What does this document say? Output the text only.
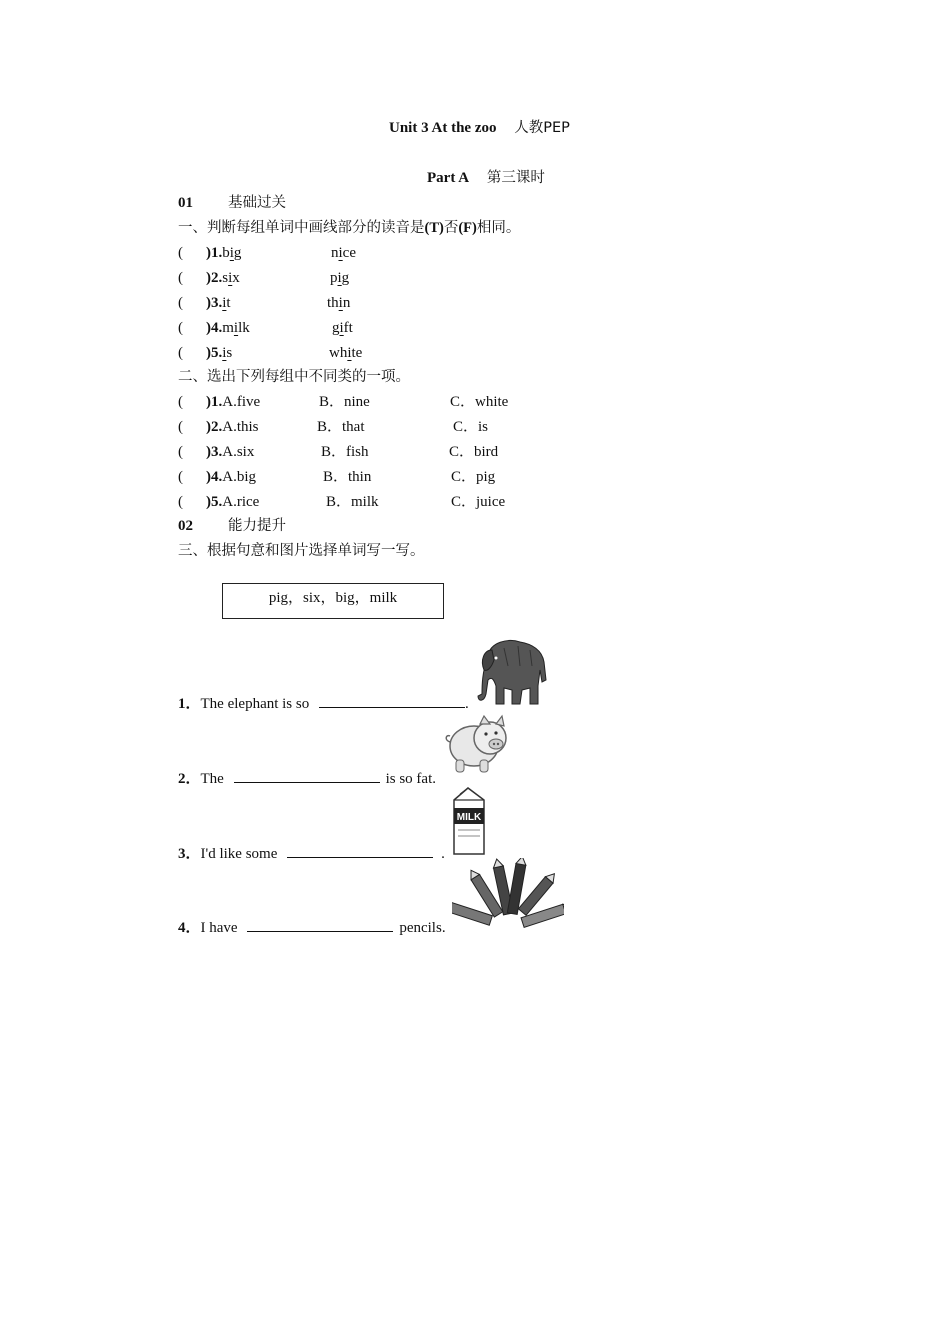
Unit 3 At the zoo 人教PEP
Part A 第三课时
01 基础过关
一、判断每组单词中画线部分的读音是(T)否(F)相同。
( )1.big	nice
( )2.six	pig
( )3.it	thin
( )4.milk	gift
( )5.is	white
二、选出下列每组中不同类的一项。
( )1.A.five	B．nine	C．white
( )2.A.this	B．that	C．is
( )3.A.six	B．fish	C．bird
( )4.A.big	B．thin	C．pig
( )5.A.rice	B．milk	C．juice
02 能力提升
三、根据句意和图片选择单词写一写。
pig，six，big，milk
1．The elephant is so	.
2．The	is so fat.
3．I'd like some	.
4．I have	pencils.
MILK
